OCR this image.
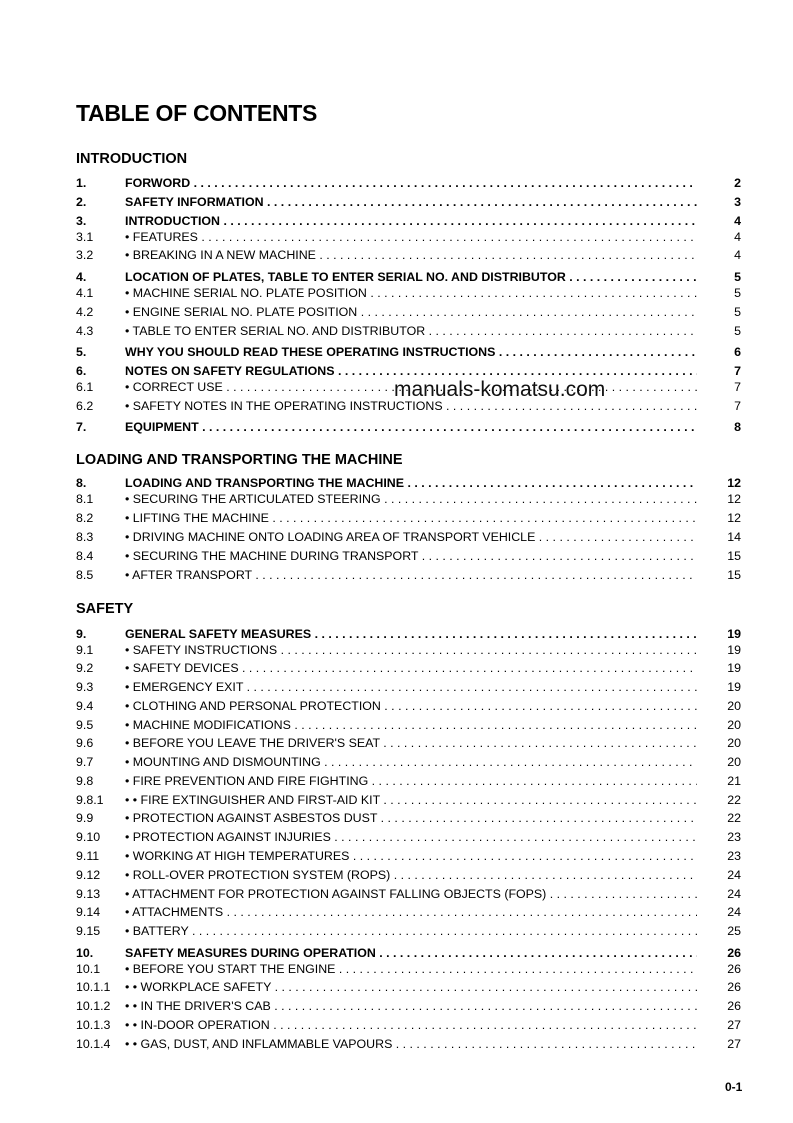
TABLE OF CONTENTS
INTRODUCTION
1.	FORWORD . . .	2
2.	SAFETY INFORMATION . . .	3
3.	INTRODUCTION . . .	4
3.1	• FEATURES . . .	4
3.2	• BREAKING IN A NEW MACHINE . . .	4
4.	LOCATION OF PLATES, TABLE TO ENTER SERIAL NO. AND DISTRIBUTOR . . .	5
4.1	• MACHINE SERIAL NO. PLATE POSITION . . .	5
4.2	• ENGINE SERIAL NO. PLATE POSITION . . .	5
4.3	• TABLE TO ENTER SERIAL NO. AND DISTRIBUTOR . . .	5
5.	WHY YOU SHOULD READ THESE OPERATING INSTRUCTIONS . . .	6
6.	NOTES ON SAFETY REGULATIONS . . .	7
6.1	• CORRECT USE . . .	7
6.2	• SAFETY NOTES IN THE OPERATING INSTRUCTIONS . . .	7
7.	EQUIPMENT . . .	8
LOADING AND TRANSPORTING THE MACHINE
8.	LOADING AND TRANSPORTING THE MACHINE . . .	12
8.1	• SECURING THE ARTICULATED STEERING . . .	12
8.2	• LIFTING THE MACHINE . . .	12
8.3	• DRIVING MACHINE ONTO LOADING AREA OF TRANSPORT VEHICLE . . .	14
8.4	• SECURING THE MACHINE DURING TRANSPORT . . .	15
8.5	• AFTER TRANSPORT . . .	15
SAFETY
9.	GENERAL SAFETY MEASURES . . .	19
9.1	• SAFETY INSTRUCTIONS . . .	19
9.2	• SAFETY DEVICES . . .	19
9.3	• EMERGENCY EXIT . . .	19
9.4	• CLOTHING AND PERSONAL PROTECTION . . .	20
9.5	• MACHINE MODIFICATIONS . . .	20
9.6	• BEFORE YOU LEAVE THE DRIVER'S SEAT . . .	20
9.7	• MOUNTING AND DISMOUNTING . . .	20
9.8	• FIRE PREVENTION AND FIRE FIGHTING . . .	21
9.8.1 • • FIRE EXTINGUISHER AND FIRST-AID KIT . . .	22
9.9	• PROTECTION AGAINST ASBESTOS DUST . . .	22
9.10 • PROTECTION AGAINST INJURIES . . .	23
9.11 • WORKING AT HIGH TEMPERATURES . . .	23
9.12 • ROLL-OVER PROTECTION SYSTEM (ROPS) . . .	24
9.13 • ATTACHMENT FOR PROTECTION AGAINST FALLING OBJECTS (FOPS) . . .	24
9.14 • ATTACHMENTS . . .	24
9.15 • BATTERY . . .	25
10.	SAFETY MEASURES DURING OPERATION . . .	26
10.1 • BEFORE YOU START THE ENGINE . . .	26
10.1.1 • • WORKPLACE SAFETY . . .	26
10.1.2 • • IN THE DRIVER'S CAB . . .	26
10.1.3 • • IN-DOOR OPERATION . . .	27
10.1.4 • • GAS, DUST, AND INFLAMMABLE VAPOURS . . .	27
manuals-komatsu.com
0-1
